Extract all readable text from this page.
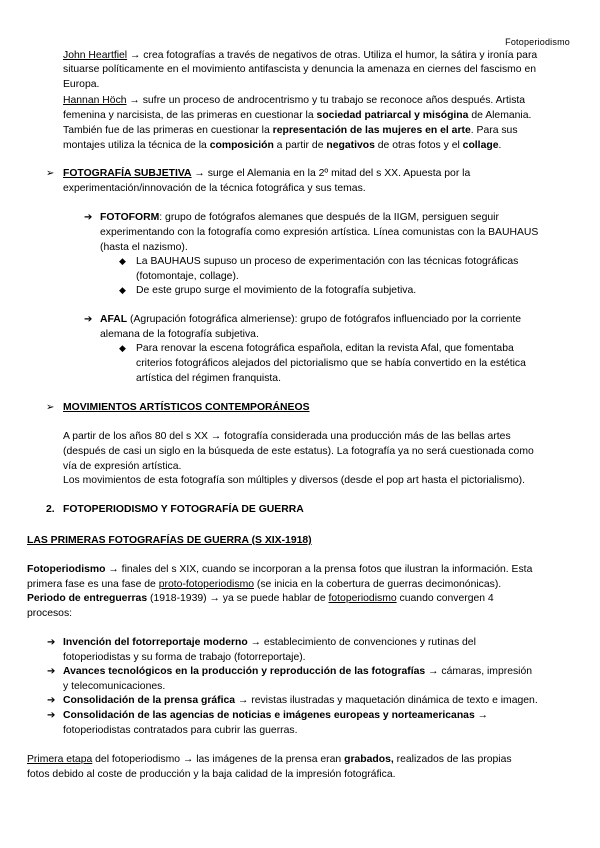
Fotoperiodismo
John Heartfiel → crea fotografías a través de negativos de otras. Utiliza el humor, la sátira y ironía para
situarse políticamente en el movimiento antifascista y denuncia la amenaza en ciernes del fascismo en
Europa.
Hannan Höch → sufre un proceso de androcentrismo y tu trabajo se reconoce años después. Artista
femenina y narcisista, de las primeras en cuestionar la sociedad patriarcal y misógina de Alemania.
También fue de las primeras en cuestionar la representación de las mujeres en el arte. Para sus
montajes utiliza la técnica de la composición a partir de negativos de otras fotos y el collage.
➢ FOTOGRAFÍA SUBJETIVA → surge el Alemania en la 2º mitad del s XX. Apuesta por la
experimentación/innovación de la técnica fotográfica y sus temas.
➔ FOTOFORM: grupo de fotógrafos alemanes que después de la IIGM, persiguen seguir
experimentando con la fotografía como expresión artística. Línea comunistas con la BAUHAUS
(hasta el nazismo).
◆ La BAUHAUS supuso un proceso de experimentación con las técnicas fotográficas
(fotomontaje, collage).
◆ De este grupo surge el movimiento de la fotografía subjetiva.
➔ AFAL (Agrupación fotográfica almeriense): grupo de fotógrafos influenciado por la corriente
alemana de la fotografía subjetiva.
◆ Para renovar la escena fotográfica española, editan la revista Afal, que fomentaba
criterios fotográficos alejados del pictorialismo que se había convertido en la estética
artística del régimen franquista.
➢ MOVIMIENTOS ARTÍSTICOS CONTEMPORÁNEOS
A partir de los años 80 del s XX → fotografía considerada una producción más de las bellas artes
(después de casi un siglo en la búsqueda de este estatus). La fotografía ya no será cuestionada como
vía de expresión artística.
Los movimientos de esta fotografía son múltiples y diversos (desde el pop art hasta el pictorialismo).
2. FOTOPERIODISMO Y FOTOGRAFÍA DE GUERRA
LAS PRIMERAS FOTOGRAFÍAS DE GUERRA (S XIX-1918)
Fotoperiodismo → finales del s XIX, cuando se incorporan a la prensa fotos que ilustran la información. Esta
primera fase es una fase de proto-fotoperiodismo (se inicia en la cobertura de guerras decimonónicas).
Periodo de entreguerras (1918-1939) → ya se puede hablar de fotoperiodismo cuando convergen 4
procesos:
➔ Invención del fotorreportaje moderno → establecimiento de convenciones y rutinas del
fotoperiodistas y su forma de trabajo (fotorreportaje).
➔ Avances tecnológicos en la producción y reproducción de las fotografías → cámaras, impresión
y telecomunicaciones.
➔ Consolidación de la prensa gráfica → revistas ilustradas y maquetación dinámica de texto e imagen.
➔ Consolidación de las agencias de noticias e imágenes europeas y norteamericanas →
fotoperiodistas contratados para cubrir las guerras.
Primera etapa del fotoperiodismo → las imágenes de la prensa eran grabados, realizados de las propias
fotos debido al coste de producción y la baja calidad de la impresión fotográfica.
